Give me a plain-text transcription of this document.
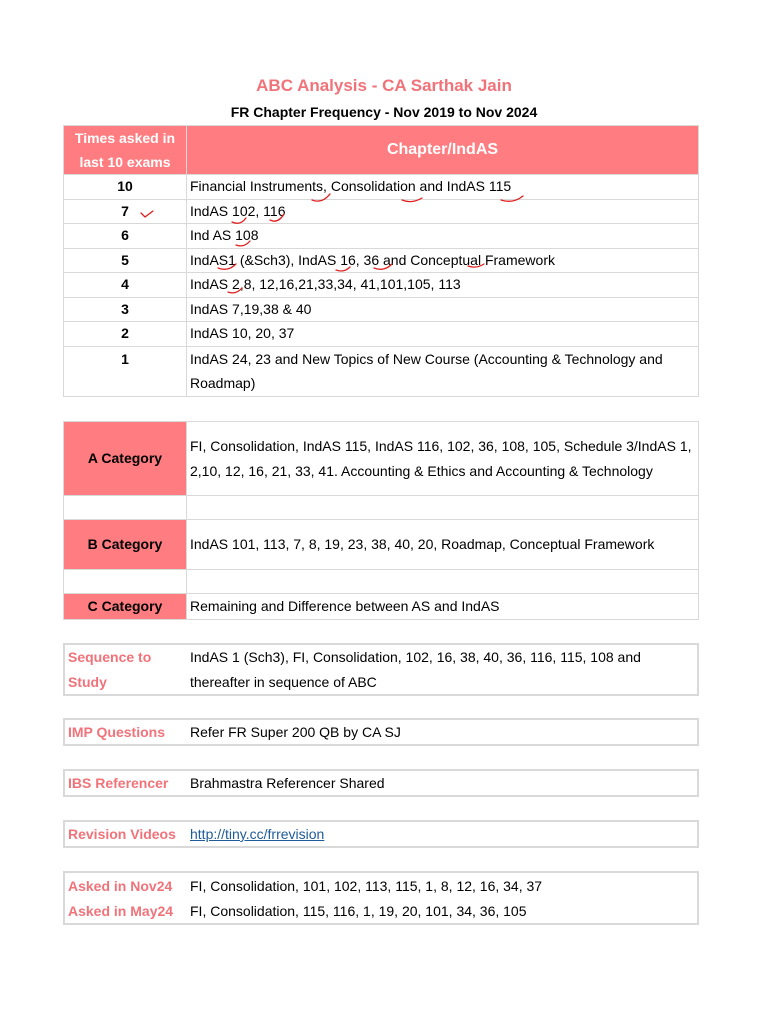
ABC Analysis - CA Sarthak Jain
FR Chapter Frequency - Nov 2019 to Nov 2024
Times asked in
last 10 exams	Chapter/IndAS
10	Financial Instruments, Consolidation and IndAS 115
7	IndAS 102, 116
6	Ind AS 108
5	IndAS1 (&Sch3), IndAS 16, 36 and Conceptual Framework
4	IndAS 2,8, 12,16,21,33,34, 41,101,105, 113
3	IndAS 7,19,38 & 40
2	IndAS 10, 20, 37
1	IndAS 24, 23 and New Topics of New Course (Accounting & Technology and Roadmap)
A Category	FI, Consolidation, IndAS 115, IndAS 116, 102, 36, 108, 105, Schedule 3/IndAS 1, 2,10, 12, 16, 21, 33, 41. Accounting & Ethics and Accounting & Technology

B Category	IndAS 101, 113, 7, 8, 19, 23, 38, 40, 20, Roadmap, Conceptual Framework

C Category	Remaining and Difference between AS and IndAS
Sequence to Study	IndAS 1 (Sch3), FI, Consolidation, 102, 16, 38, 40, 36, 116, 115, 108 and thereafter in sequence of ABC
IMP Questions	Refer FR Super 200 QB by CA SJ
IBS Referencer	Brahmastra Referencer Shared
Revision Videos	http://tiny.cc/frrevision
Asked in Nov24	FI, Consolidation, 101, 102, 113, 115, 1, 8, 12, 16, 34, 37
Asked in May24	FI, Consolidation, 115, 116, 1, 19, 20, 101, 34, 36, 105
